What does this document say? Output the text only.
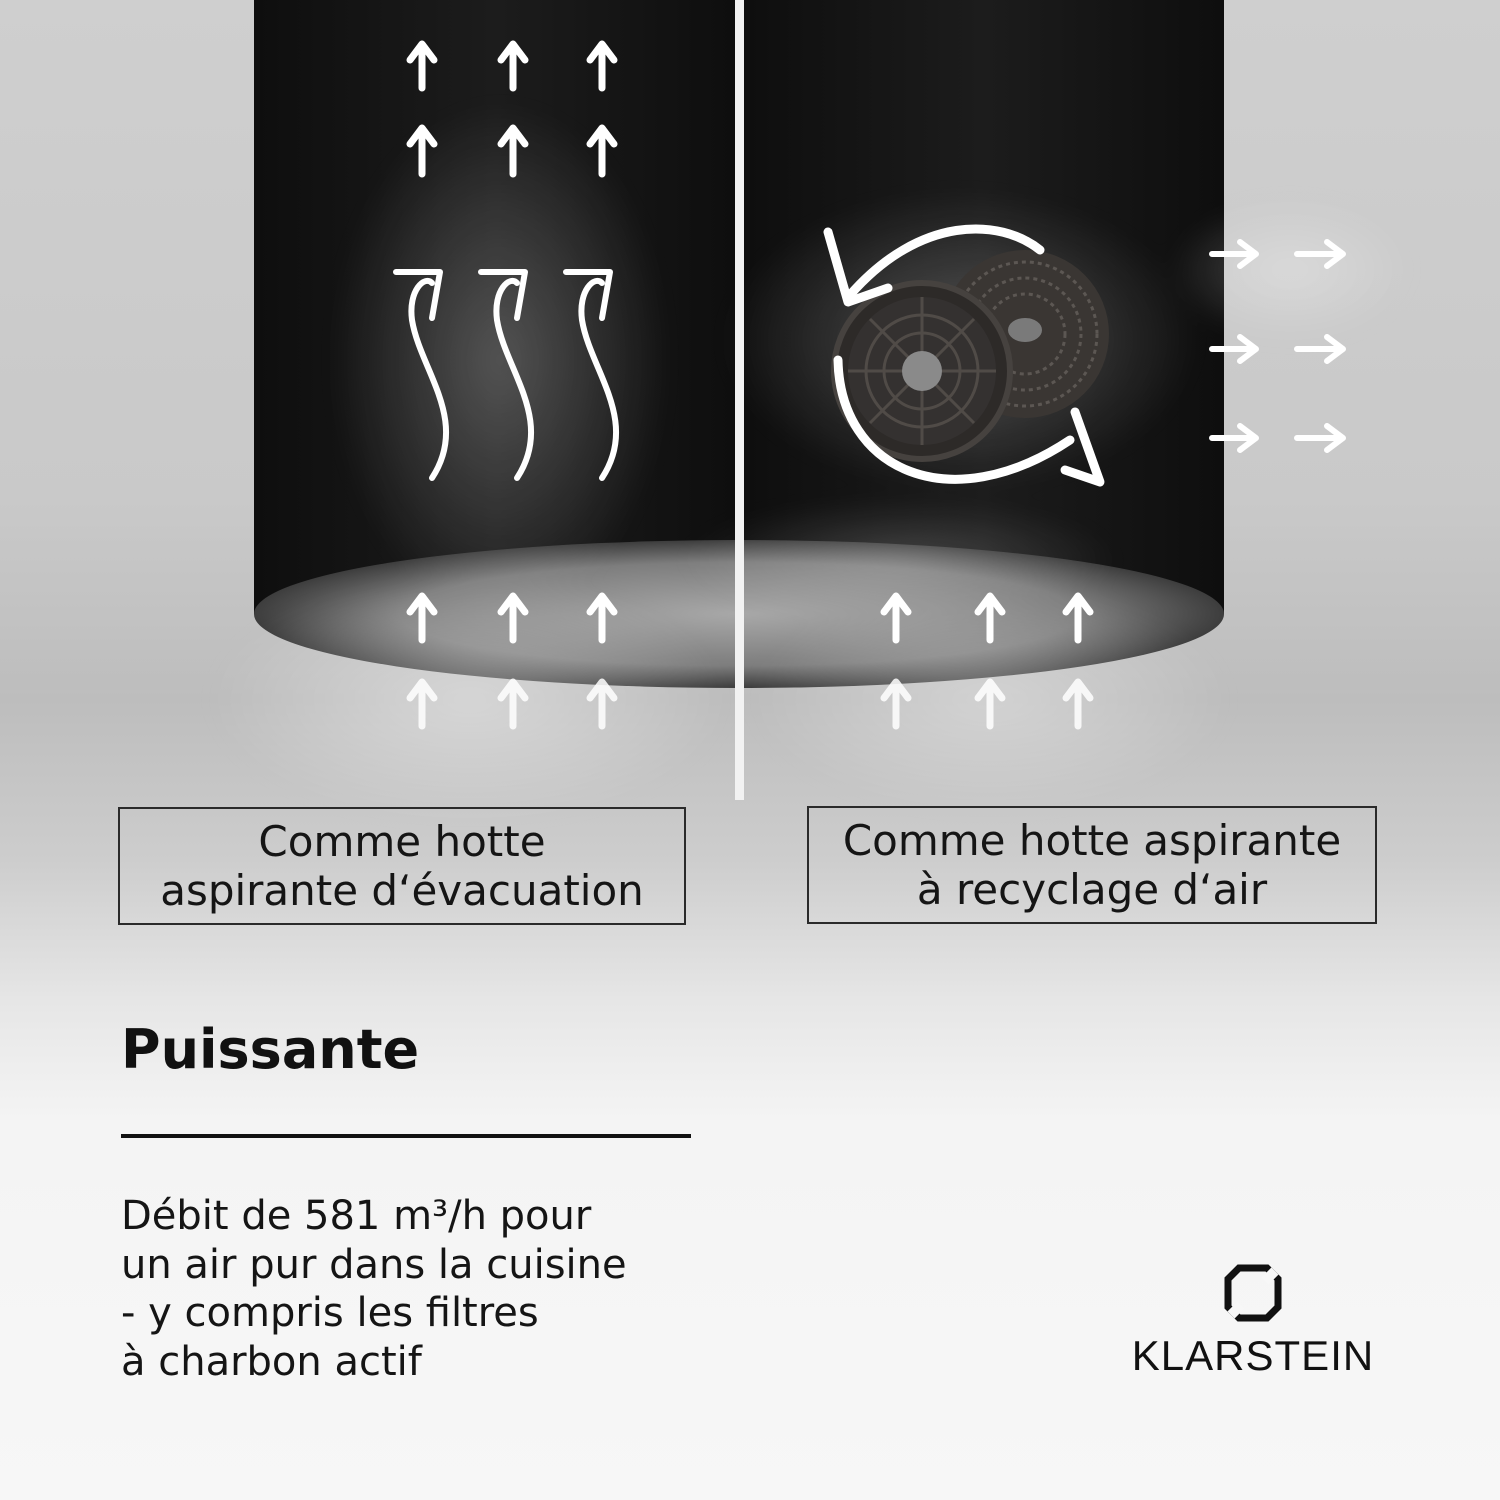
Comme hotte
aspirante d‘évacuation
Comme hotte aspirante
à recyclage d‘air
Puissante
Débit de 581 m³/h pour
un air pur dans la cuisine
- y compris les filtres
à charbon actif	KLARSTEIN
